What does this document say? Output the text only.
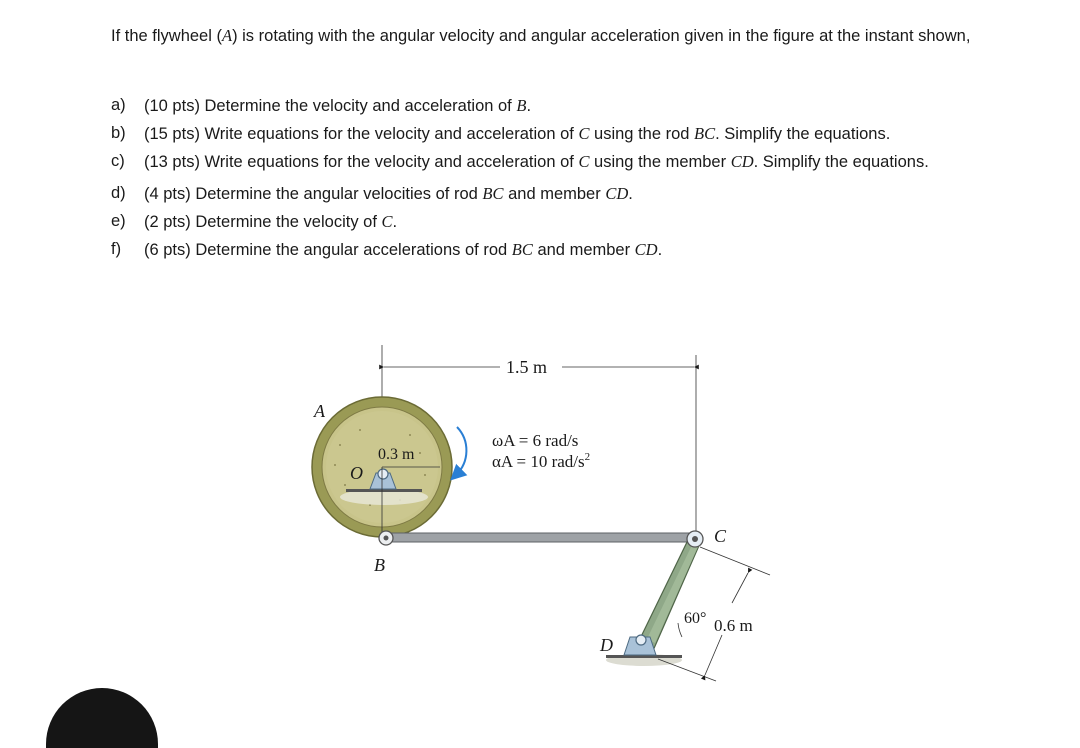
If the flywheel (A) is rotating with the angular velocity and angular acceleration given in the figure at the instant shown,

a) (10 pts) Determine the velocity and acceleration of B.
b) (15 pts) Write equations for the velocity and acceleration of C using the rod BC. Simplify the equations.
c) (13 pts) Write equations for the velocity and acceleration of C using the member CD. Simplify the equations.
d) (4 pts) Determine the angular velocities of rod BC and member CD.
e) (2 pts) Determine the velocity of C.
f) (6 pts) Determine the angular accelerations of rod BC and member CD.
1.5 m
A
0.3 m
O
ωA = 6 rad/s
αA = 10 rad/$s^2$
B
C
D
60° 0.6 m
